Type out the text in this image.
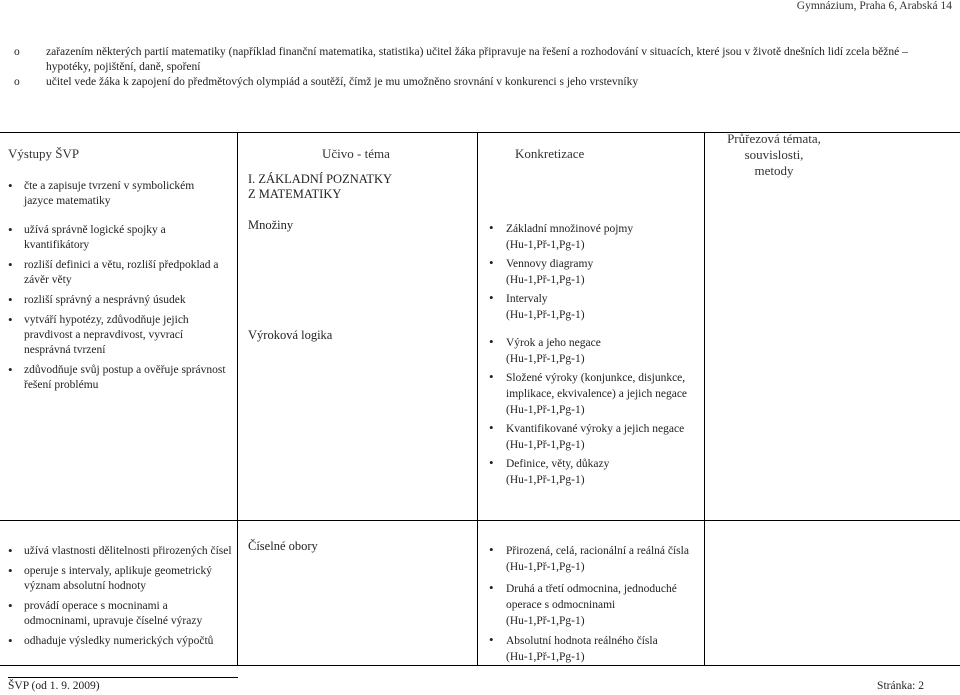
Gymnázium, Praha 6, Arabská 14
o	zařazením některých partií matematiky (například finanční matematika, statistika) učitel žáka připravuje na řešení a rozhodování v situacích, které jsou v životě dnešních lidí zcela běžné – hypotéky, pojištění, daně, spoření
o	učitel vede žáka k zapojení do předmětových olympiád a soutěží, čímž je mu umožněno srovnání v konkurenci s jeho vrstevníky
Výstupy ŠVP	Učivo - téma	Konkretizace
Průřezová témata, souvislosti, metody
• čte a zapisuje tvrzení v symbolickém jazyce matematiky
• užívá správně logické spojky a kvantifikátory
• rozliší definici a větu, rozliší předpoklad a závěr věty
• rozliší správný a nesprávný úsudek
• vytváří hypotézy, zdůvodňuje jejich pravdivost a nepravdivost, vyvrací nesprávná tvrzení
• zdůvodňuje svůj postup a ověřuje správnost řešení problému
I. ZÁKLADNÍ POZNATKY Z MATEMATIKY
Množiny
Výroková logika
• Základní množinové pojmy
(Hu-1,Př-1,Pg-1)
• Vennovy diagramy
(Hu-1,Př-1,Pg-1)
• Intervaly
(Hu-1,Př-1,Pg-1)
• Výrok a jeho negace
(Hu-1,Př-1,Pg-1)
• Složené výroky (konjunkce, disjunkce, implikace, ekvivalence) a jejich negace
(Hu-1,Př-1,Pg-1)
• Kvantifikované výroky a jejich negace
(Hu-1,Př-1,Pg-1)
• Definice, věty, důkazy
(Hu-1,Př-1,Pg-1)
• užívá vlastnosti dělitelnosti přirozených čísel
• operuje s intervaly, aplikuje geometrický význam absolutní hodnoty
• provádí operace s mocninami a odmocninami, upravuje číselné výrazy
• odhaduje výsledky numerických výpočtů
Číselné obory
•	Přirozená, celá, racionální a reálná čísla
(Hu-1,Př-1,Pg-1)
• Druhá a třetí odmocnina, jednoduché operace s odmocninami
(Hu-1,Př-1,Pg-1)
• Absolutní hodnota reálného čísla
(Hu-1,Př-1,Pg-1)
ŠVP (od 1. 9. 2009)	Stránka: 2
